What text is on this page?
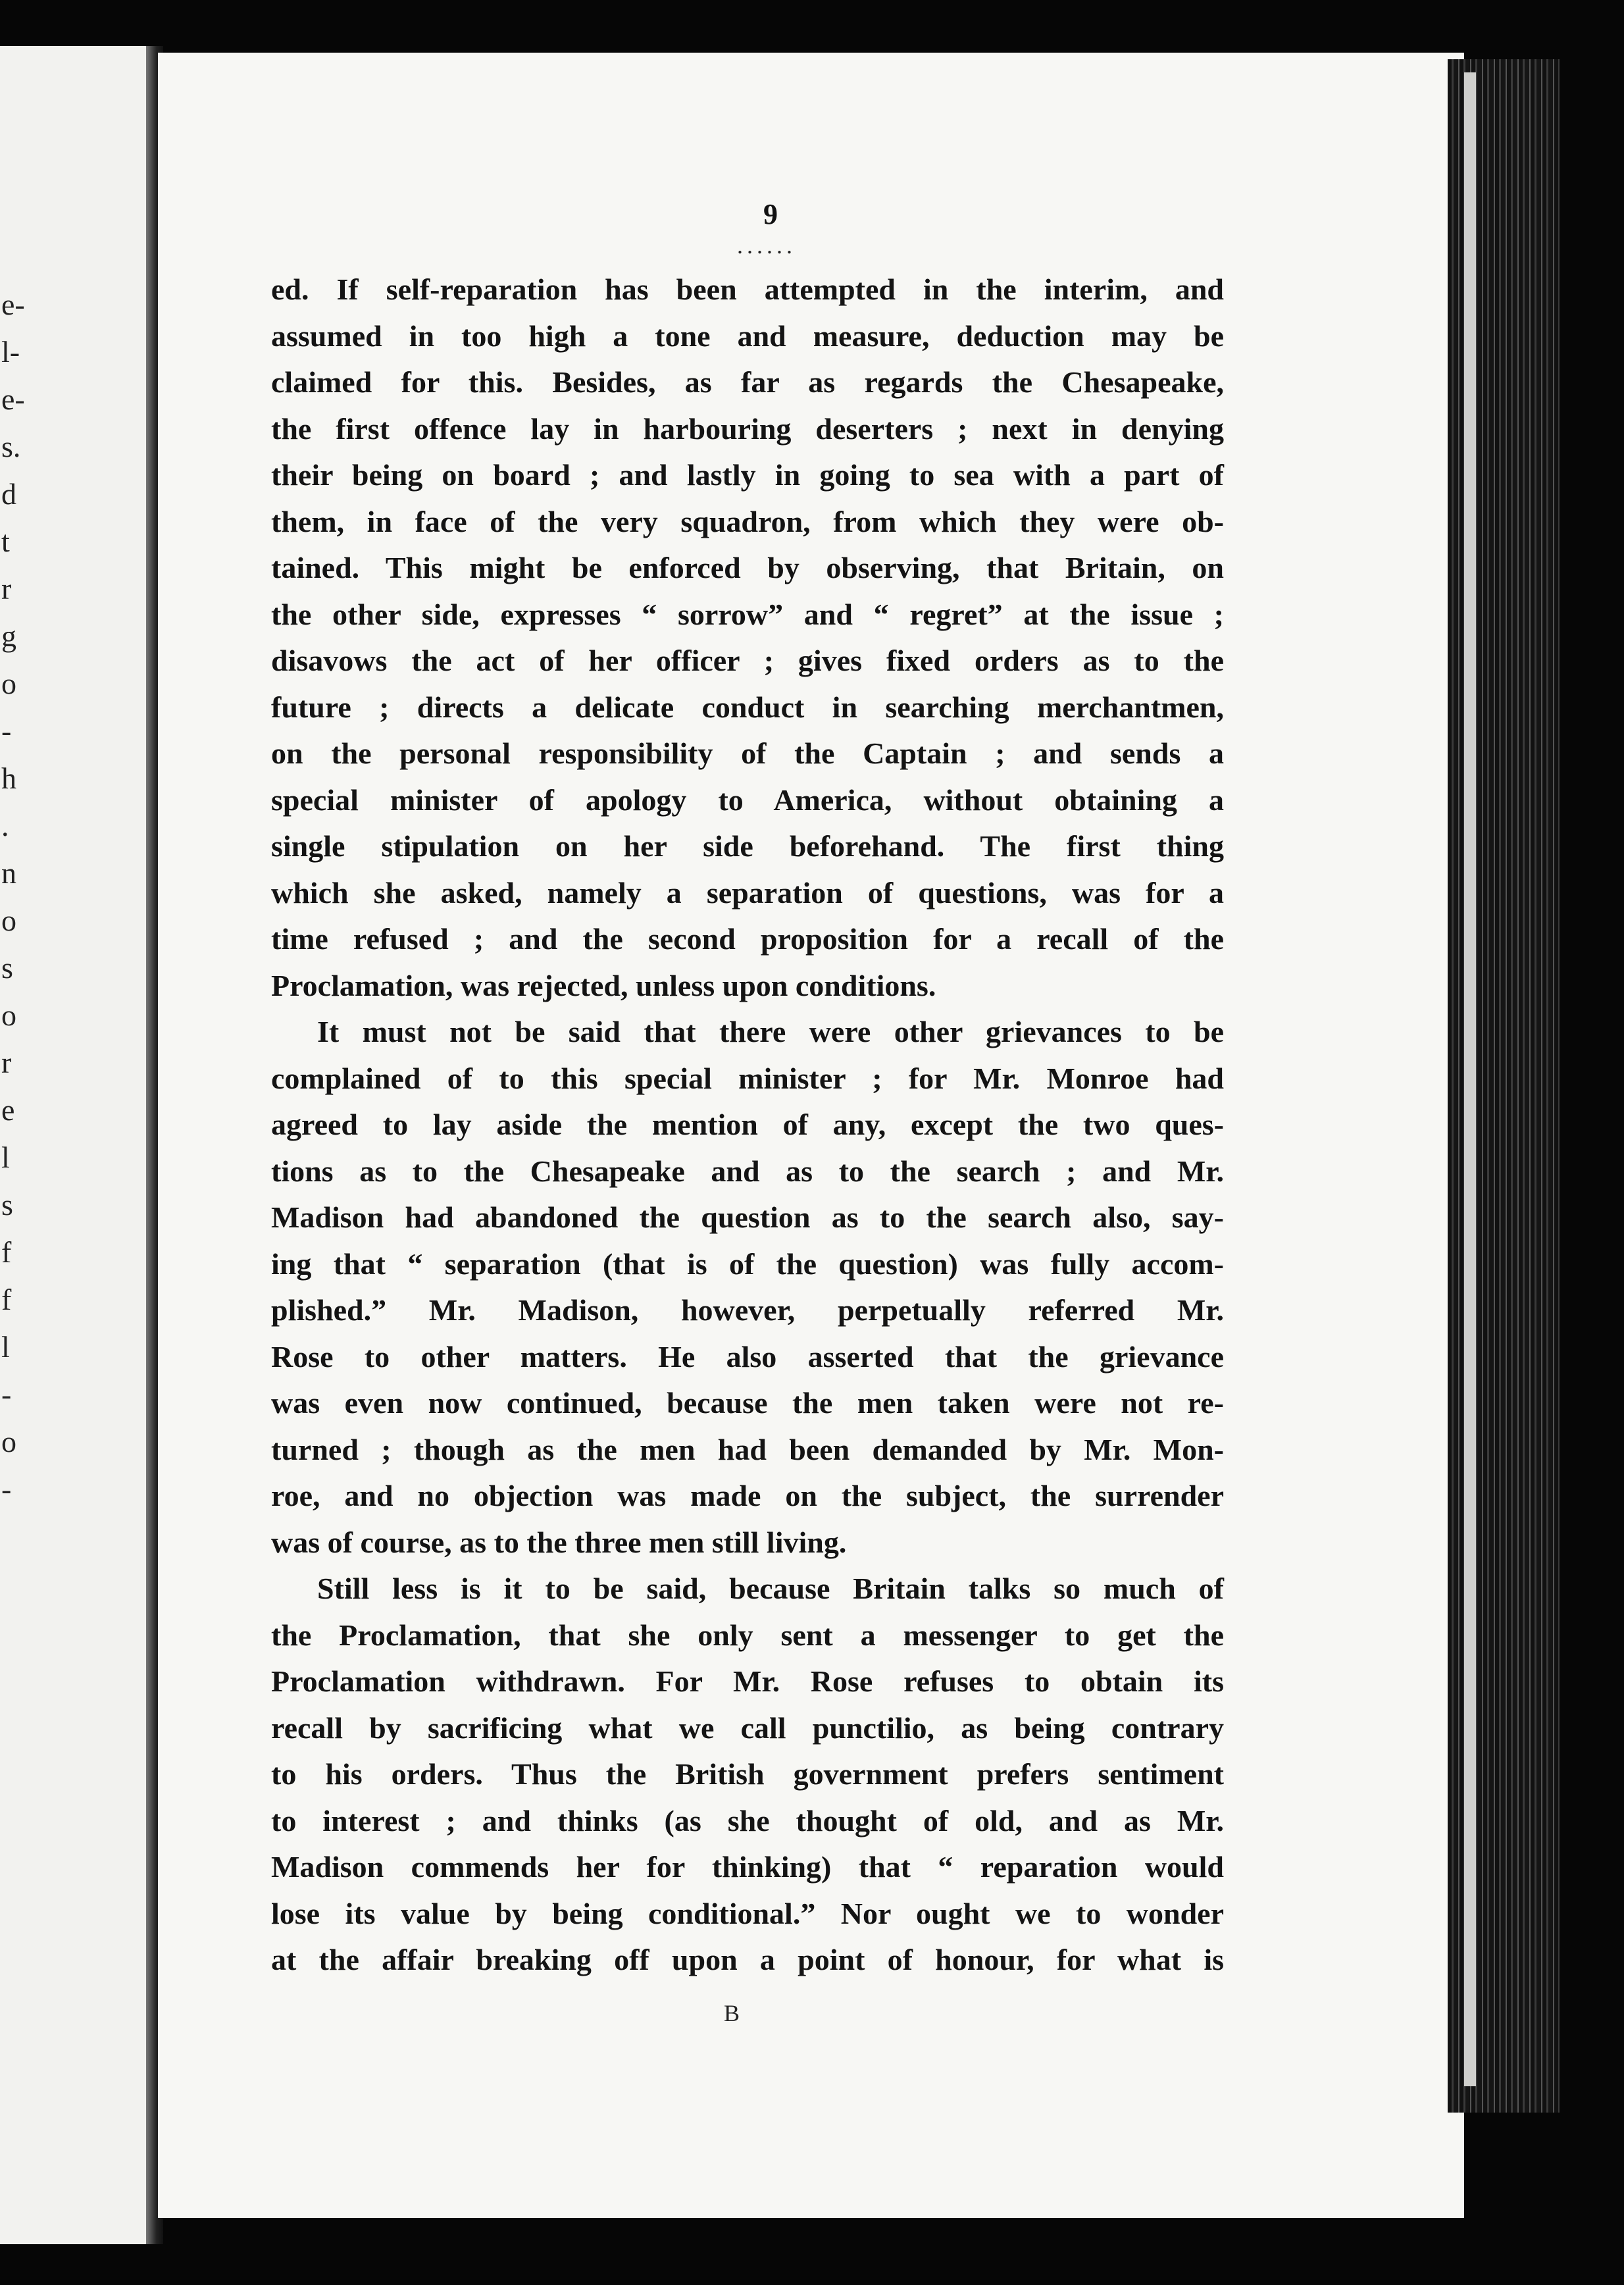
e-
l-
e-
s.
d
t
r
g
o
-
h
.
n
o
s
o
r
e
l
s
f
f
l
-
o
-
9
......
ed. If self-reparation has been attempted in the interim, and
assumed in too high a tone and measure, deduction may be
claimed for this. Besides, as far as regards the Chesapeake,
the first offence lay in harbouring deserters ; next in denying
their being on board ; and lastly in going to sea with a part of
them, in face of the very squadron, from which they were ob-
tained. This might be enforced by observing, that Britain, on
the other side, expresses “ sorrow” and “ regret” at the issue ;
disavows the act of her officer ; gives fixed orders as to the
future ; directs a delicate conduct in searching merchantmen,
on the personal responsibility of the Captain ; and sends a
special minister of apology to America, without obtaining a
single stipulation on her side beforehand. The first thing
which she asked, namely a separation of questions, was for a
time refused ; and the second proposition for a recall of the
Proclamation, was rejected, unless upon conditions.
It must not be said that there were other grievances to be
complained of to this special minister ; for Mr. Monroe had
agreed to lay aside the mention of any, except the two ques-
tions as to the Chesapeake and as to the search ; and Mr.
Madison had abandoned the question as to the search also, say-
ing that “ separation (that is of the question) was fully accom-
plished.” Mr. Madison, however, perpetually referred Mr.
Rose to other matters. He also asserted that the grievance
was even now continued, because the men taken were not re-
turned ; though as the men had been demanded by Mr. Mon-
roe, and no objection was made on the subject, the surrender
was of course, as to the three men still living.
Still less is it to be said, because Britain talks so much of
the Proclamation, that she only sent a messenger to get the
Proclamation withdrawn. For Mr. Rose refuses to obtain its
recall by sacrificing what we call punctilio, as being contrary
to his orders. Thus the British government prefers sentiment
to interest ; and thinks (as she thought of old, and as Mr.
Madison commends her for thinking) that “ reparation would
lose its value by being conditional.” Nor ought we to wonder
at the affair breaking off upon a point of honour, for what is
B
